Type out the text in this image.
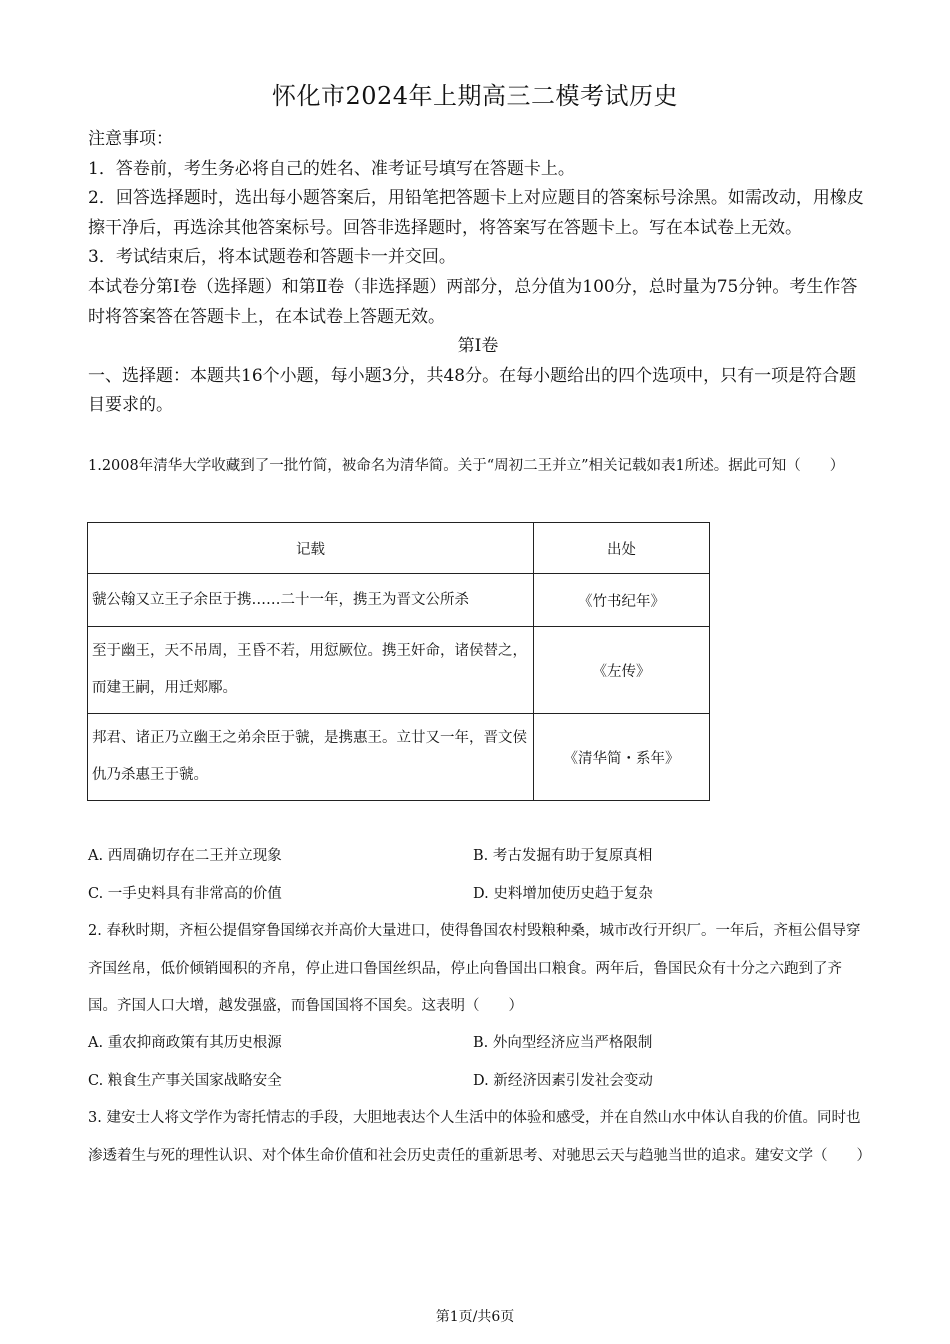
怀化市2024年上期高三二模考试历史

注意事项：

1．答卷前，考生务必将自己的姓名、准考证号填写在答题卡上。

2．回答选择题时，选出每小题答案后，用铅笔把答题卡上对应题目的答案标号涂黑。如需改动，用橡皮擦干净后，再选涂其他答案标号。回答非选择题时，将答案写在答题卡上。写在本试卷上无效。

3．考试结束后，将本试题卷和答题卡一并交回。

本试卷分第Ⅰ卷（选择题）和第Ⅱ卷（非选择题）两部分，总分值为100分，总时量为75分钟。考生作答时将答案答在答题卡上，在本试卷上答题无效。

第Ⅰ卷

一、选择题：本题共16个小题，每小题3分，共48分。在每小题给出的四个选项中，只有一项是符合题目要求的。

1.2008年清华大学收藏到了一批竹简，被命名为清华简。关于“周初二王并立”相关记载如表1所述。据此可知（　　）

记载	出处
虢公翰又立王子余臣于携……二十一年，携王为晋文公所杀	《竹书纪年》
至于幽王，天不吊周，王昏不若，用愆厥位。携王奸命，诸侯替之，而建王嗣，用迁郏鄏。	《左传》
邦君、诸正乃立幽王之弟余臣于虢，是携惠王。立廿又一年，晋文侯仇乃杀惠王于虢。	《清华简・系年》
A. 西周确切存在二王并立现象	B. 考古发掘有助于复原真相
C. 一手史料具有非常高的价值	D. 史料增加使历史趋于复杂

2. 春秋时期，齐桓公提倡穿鲁国绨衣并高价大量进口，使得鲁国农村毁粮种桑，城市改行开织厂。一年后，齐桓公倡导穿齐国丝帛，低价倾销囤积的齐帛，停止进口鲁国丝织品，停止向鲁国出口粮食。两年后，鲁国民众有十分之六跑到了齐国。齐国人口大增，越发强盛，而鲁国国将不国矣。这表明（　　）

A. 重农抑商政策有其历史根源	B. 外向型经济应当严格限制
C. 粮食生产事关国家战略安全	D. 新经济因素引发社会变动

3. 建安士人将文学作为寄托情志的手段，大胆地表达个人生活中的体验和感受，并在自然山水中体认自我的价值。同时也渗透着生与死的理性认识、对个体生命价值和社会历史责任的重新思考、对驰思云天与趋驰当世的追求。建安文学（　　）

第1页/共6页
